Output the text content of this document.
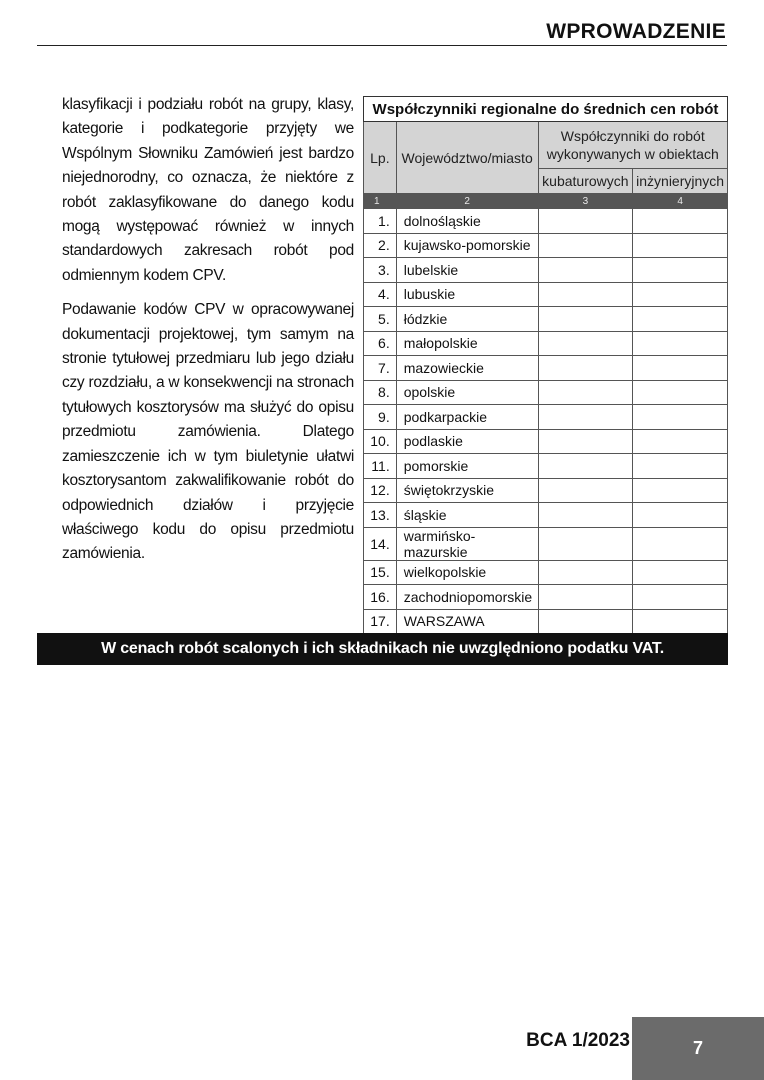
WPROWADZENIE

klasyfikacji i podziału robót na grupy, klasy, kategorie i podkategorie przyjęty we Wspólnym Słowniku Zamówień jest bardzo niejednorodny, co oznacza, że niektóre z robót zaklasyfikowane do danego kodu mogą występować również w innych standardowych zakresach robót pod odmiennym kodem CPV.

Podawanie kodów CPV w opracowywanej dokumentacji projektowej, tym samym na stronie tytułowej przedmiaru lub jego działu czy rozdziału, a w konsekwencji na stronach tytułowych kosztorysów ma służyć do opisu przedmiotu zamówienia. Dlatego zamieszczenie ich w tym biuletynie ułatwi kosztorysantom zakwalifikowanie robót do odpowiednich działów i przyjęcie właściwego kodu do opisu przedmiotu zamówienia.

Współczynniki regionalne do średnich cen robót			
Lp.	Województwo/miasto	Współczynniki do robót wykonywanych w obiektach	
		kubaturowych	inżynieryjnych
1	2	3	4
1.	dolnośląskie		
2.	kujawsko-pomorskie		
3.	lubelskie		
4.	lubuskie		
5.	łódzkie		
6.	małopolskie		
7.	mazowieckie		
8.	opolskie		
9.	podkarpackie		
10.	podlaskie		
11.	pomorskie		
12.	świętokrzyskie		
13.	śląskie		
14.	warmińsko-mazurskie		
15.	wielkopolskie		
16.	zachodniopomorskie		
17.	WARSZAWA		
W cenach robót scalonych i ich składnikach nie uwzględniono podatku VAT.
BCA 1/2023	7
